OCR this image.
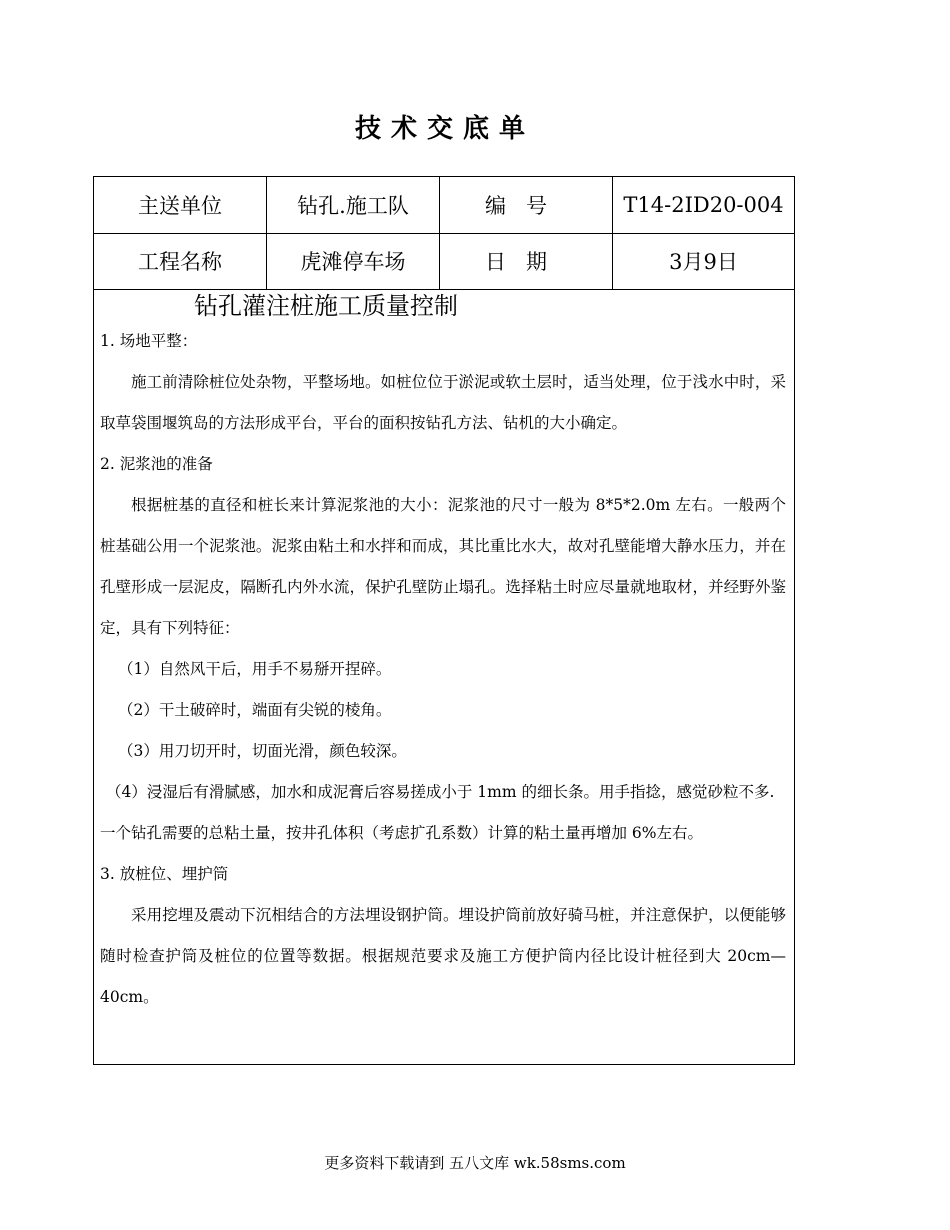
技术交底单
主送单位	钻孔.施工队	编号	T14-2ID20-004
工程名称	虎滩停车场	日期	3月9日
钻孔灌注桩施工质量控制

1. 场地平整：

施工前清除桩位处杂物，平整场地。如桩位位于淤泥或软土层时，适当处理，位于浅水中时，采取草袋围堰筑岛的方法形成平台，平台的面积按钻孔方法、钻机的大小确定。

2. 泥浆池的准备

根据桩基的直径和桩长来计算泥浆池的大小：泥浆池的尺寸一般为 8*5*2.0m 左右。一般两个桩基础公用一个泥浆池。泥浆由粘土和水拌和而成，其比重比水大，故对孔壁能增大静水压力，并在孔壁形成一层泥皮，隔断孔内外水流，保护孔壁防止塌孔。选择粘土时应尽量就地取材，并经野外鉴定，具有下列特征：

（1）自然风干后，用手不易掰开捏碎。

（2）干土破碎时，端面有尖锐的棱角。

（3）用刀切开时，切面光滑，颜色较深。

（4）浸湿后有滑腻感，加水和成泥膏后容易搓成小于 1mm 的细长条。用手指捻，感觉砂粒不多.

一个钻孔需要的总粘土量，按井孔体积（考虑扩孔系数）计算的粘土量再增加 6%左右。

3. 放桩位、埋护筒

采用挖埋及震动下沉相结合的方法埋设钢护筒。埋设护筒前放好骑马桩，并注意保护，以便能够随时检查护筒及桩位的位置等数据。根据规范要求及施工方便护筒内径比设计桩径到大 20cm—40cm。

更多资料下载请到 五八文库 wk.58sms.com
